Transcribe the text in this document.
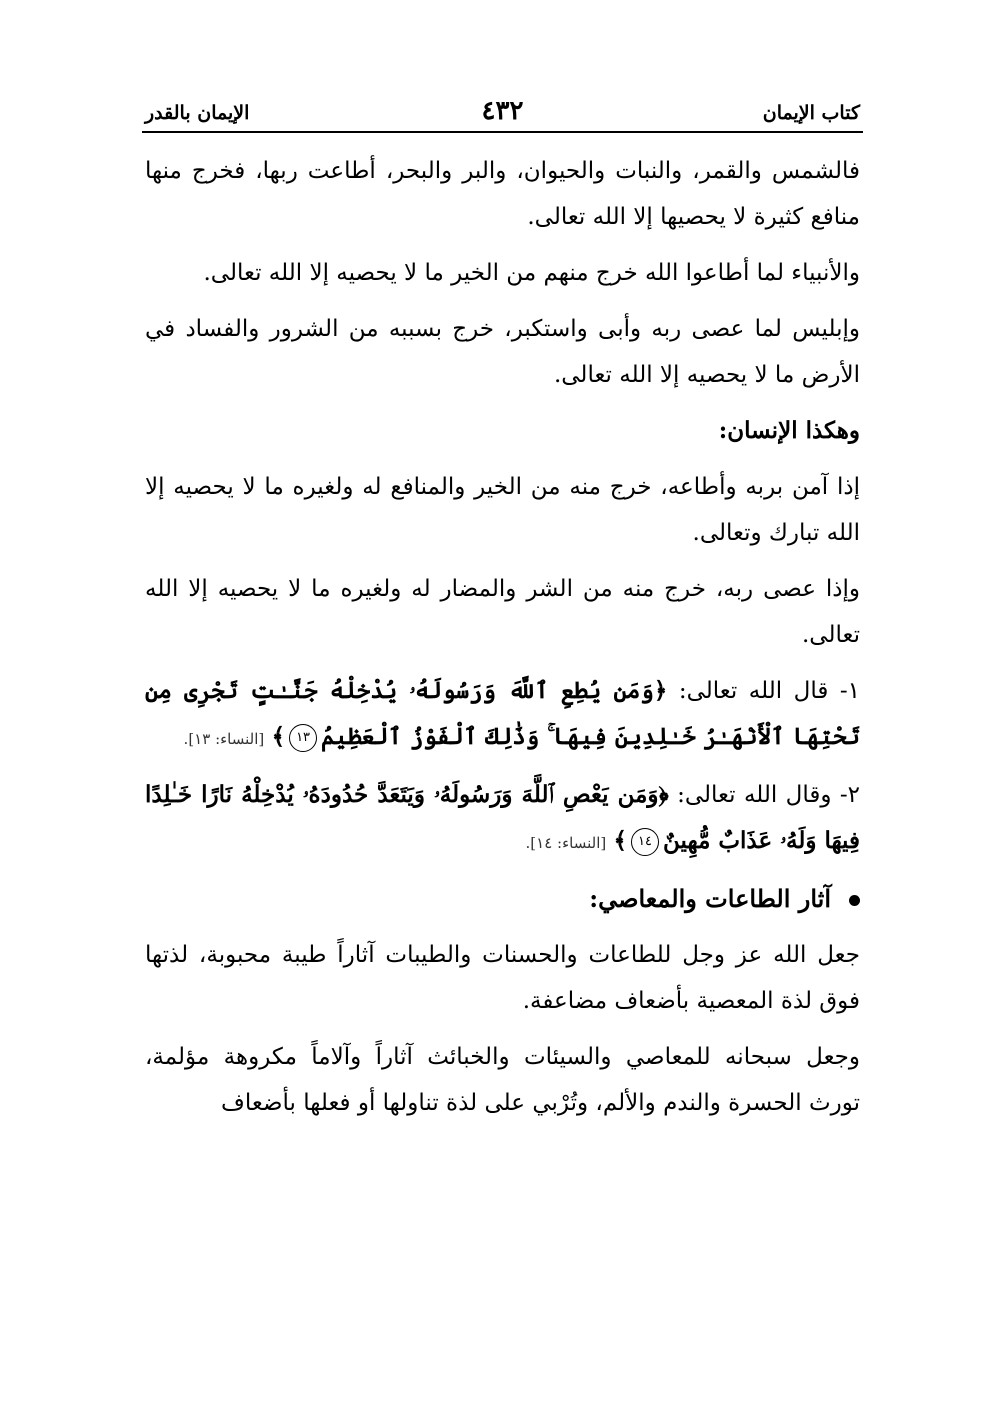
كتاب الإيمان
٤٣٢
الإيمان بالقدر

فالشمس والقمر، والنبات والحيوان، والبر والبحر، أطاعت ربها، فخرج منها منافع كثيرة لا يحصيها إلا الله تعالى.

والأنبياء لما أطاعوا الله خرج منهم من الخير ما لا يحصيه إلا الله تعالى.

وإبليس لما عصى ربه وأبى واستكبر، خرج بسببه من الشرور والفساد في الأرض ما لا يحصيه إلا الله تعالى.

وهكذا الإنسان:

إذا آمن بربه وأطاعه، خرج منه من الخير والمنافع له ولغيره ما لا يحصيه إلا الله تبارك وتعالى.

وإذا عصى ربه، خرج منه من الشر والمضار له ولغيره ما لا يحصيه إلا الله تعالى.

١- قال الله تعالى: ﴿وَمَن يُطِعِ ٱللَّهَ وَرَسُولَهُۥ يُدْخِلْهُ جَنَّـٰتٍ تَجْرِى مِن تَحْتِهَا ٱلْأَنْهَـٰرُ خَـٰلِدِينَ فِيهَا ۚ وَذَٰلِكَ ٱلْفَوْزُ ٱلْعَظِيمُ١٣﴾ [النساء: ١٣].

٢- وقال الله تعالى: ﴿وَمَن يَعْصِ ٱللَّهَ وَرَسُولَهُۥ وَيَتَعَدَّ حُدُودَهُۥ يُدْخِلْهُ نَارًا خَـٰلِدًا فِيهَا وَلَهُۥ عَذَابٌ مُّهِينٌ١٤﴾ [النساء: ١٤].

آثار الطاعات والمعاصي:

جعل الله عز وجل للطاعات والحسنات والطيبات آثاراً طيبة محبوبة، لذتها فوق لذة المعصية بأضعاف مضاعفة.

وجعل سبحانه للمعاصي والسيئات والخبائث آثاراً وآلاماً مكروهة مؤلمة، تورث الحسرة والندم والألم، وتُرْبي على لذة تناولها أو فعلها بأضعاف
